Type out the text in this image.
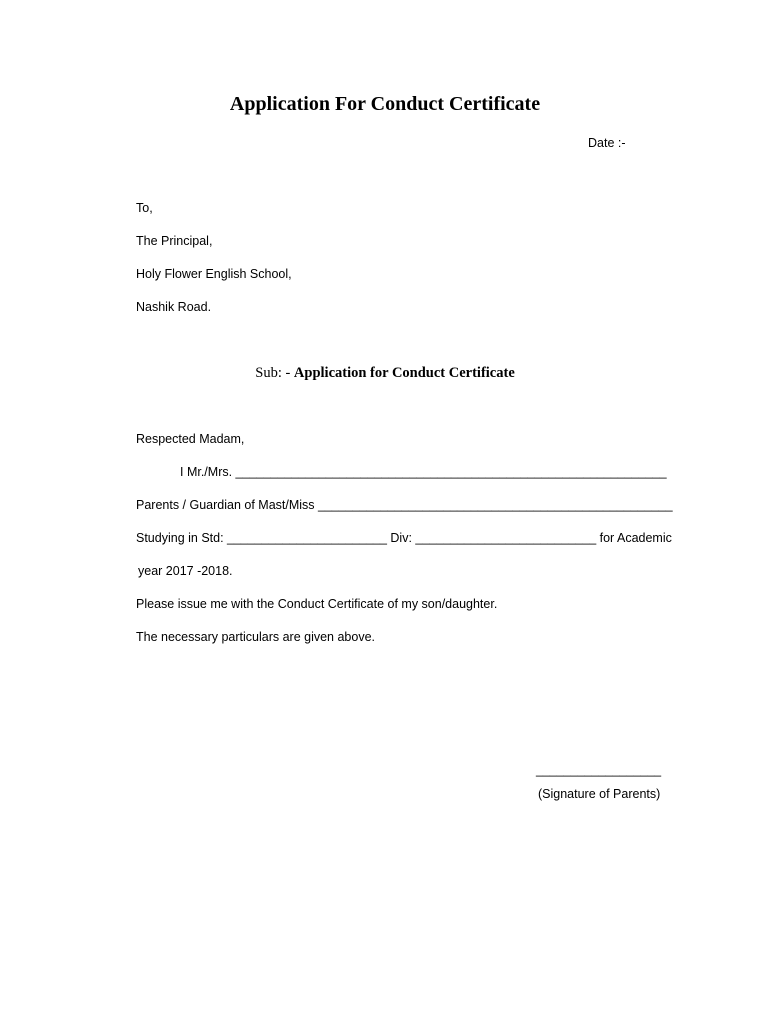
Application For Conduct Certificate
Date :-
To,
The Principal,
Holy Flower English School,
Nashik Road.
Sub: - Application for Conduct Certificate
Respected Madam,
I Mr./Mrs. ______________________________________________________________
Parents / Guardian of Mast/Miss ___________________________________________________
Studying in Std: _______________________ Div: __________________________ for Academic
year 2017 -2018.
Please issue me with the Conduct Certificate of my son/daughter.
The necessary particulars are given above.
__________________
(Signature of Parents)
